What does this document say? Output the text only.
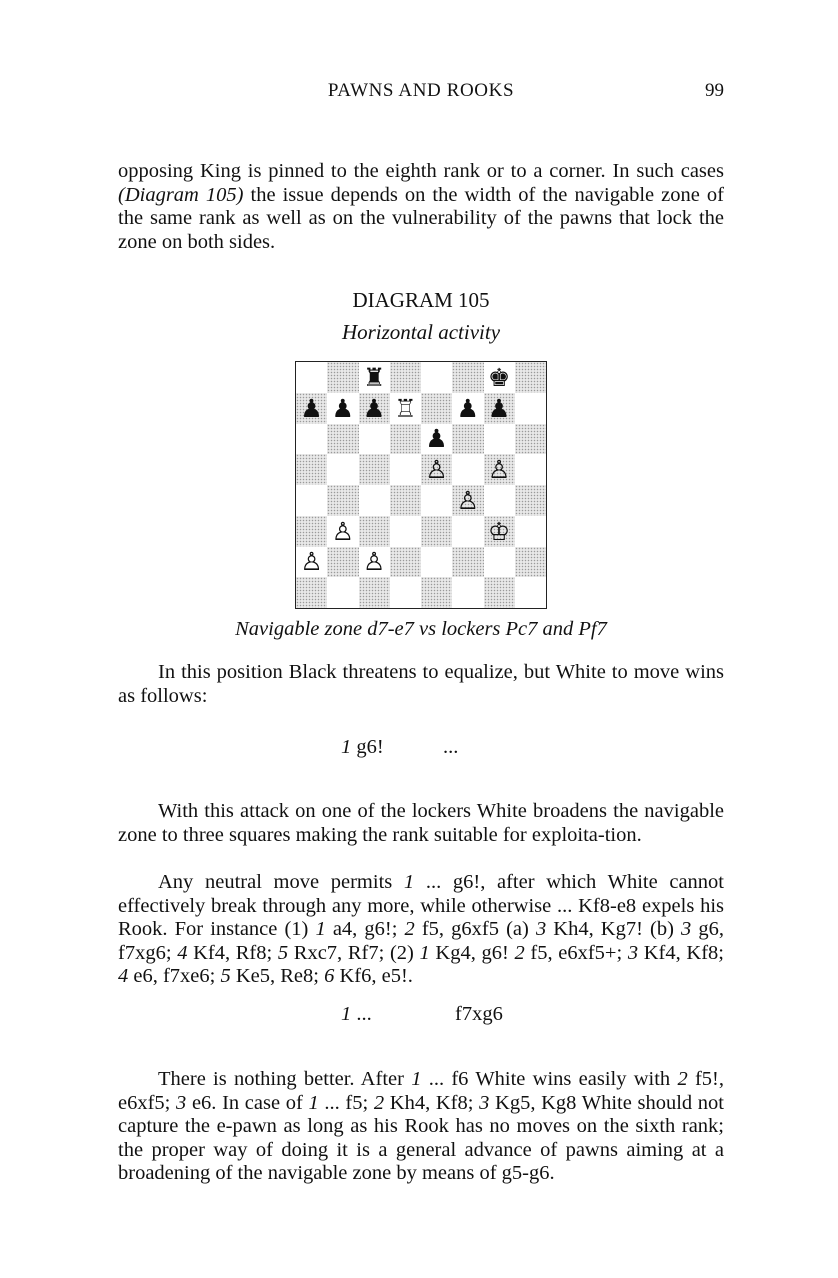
PAWNS AND ROOKS	99

opposing King is pinned to the eighth rank or to a corner. In such cases (Diagram 105) the issue depends on the width of the navigable zone of the same rank as well as on the vulnerability of the pawns that lock the zone on both sides.

DIAGRAM 105
Horizontal activity
♜	♚
♟ ♟ ♟ ♖ ♟ ♟
♟
♙ ♙
♙
♙	♔
♙ ♙
Navigable zone d7-e7 vs lockers Pc7 and Pf7

In this position Black threatens to equalize, but White to move wins as follows:

1 g6!	...

With this attack on one of the lockers White broadens the navigable zone to three squares making the rank suitable for exploita-tion.

Any neutral move permits 1 ... g6!, after which White cannot effectively break through any more, while otherwise ... Kf8-e8 expels his Rook. For instance (1) 1 a4, g6!; 2 f5, g6xf5 (a) 3 Kh4, Kg7! (b) 3 g6, f7xg6; 4 Kf4, Rf8; 5 Rxc7, Rf7; (2) 1 Kg4, g6! 2 f5, e6xf5+; 3 Kf4, Kf8; 4 e6, f7xe6; 5 Ke5, Re8; 6 Kf6, e5!.

1 ...	f7xg6

There is nothing better. After 1 ... f6 White wins easily with 2 f5!, e6xf5; 3 e6. In case of 1 ... f5; 2 Kh4, Kf8; 3 Kg5, Kg8 White should not capture the e-pawn as long as his Rook has no moves on the sixth rank; the proper way of doing it is a general advance of pawns aiming at a broadening of the navigable zone by means of g5-g6.
